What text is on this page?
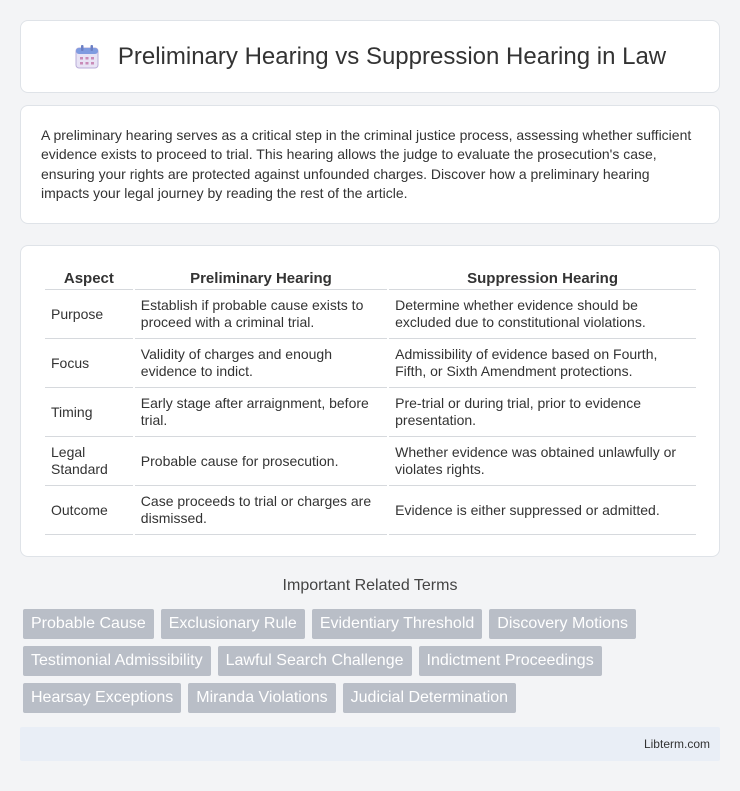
Preliminary Hearing vs Suppression Hearing in Law

A preliminary hearing serves as a critical step in the criminal justice process, assessing whether sufficient evidence exists to proceed to trial. This hearing allows the judge to evaluate the prosecution's case, ensuring your rights are protected against unfounded charges. Discover how a preliminary hearing impacts your legal journey by reading the rest of the article.

Aspect	Preliminary Hearing	Suppression Hearing
Purpose	Establish if probable cause exists to proceed with a criminal trial.	Determine whether evidence should be excluded due to constitutional violations.
Focus	Validity of charges and enough evidence to indict.	Admissibility of evidence based on Fourth, Fifth, or Sixth Amendment protections.
Timing	Early stage after arraignment, before trial.	Pre-trial or during trial, prior to evidence presentation.
Legal Standard	Probable cause for prosecution.	Whether evidence was obtained unlawfully or violates rights.
Outcome	Case proceeds to trial or charges are dismissed.	Evidence is either suppressed or admitted.
Important Related Terms
Probable Cause	Exclusionary Rule	Evidentiary Threshold	Discovery Motions
Testimonial Admissibility	Lawful Search Challenge	Indictment Proceedings
Hearsay Exceptions	Miranda Violations	Judicial Determination
Libterm.com
